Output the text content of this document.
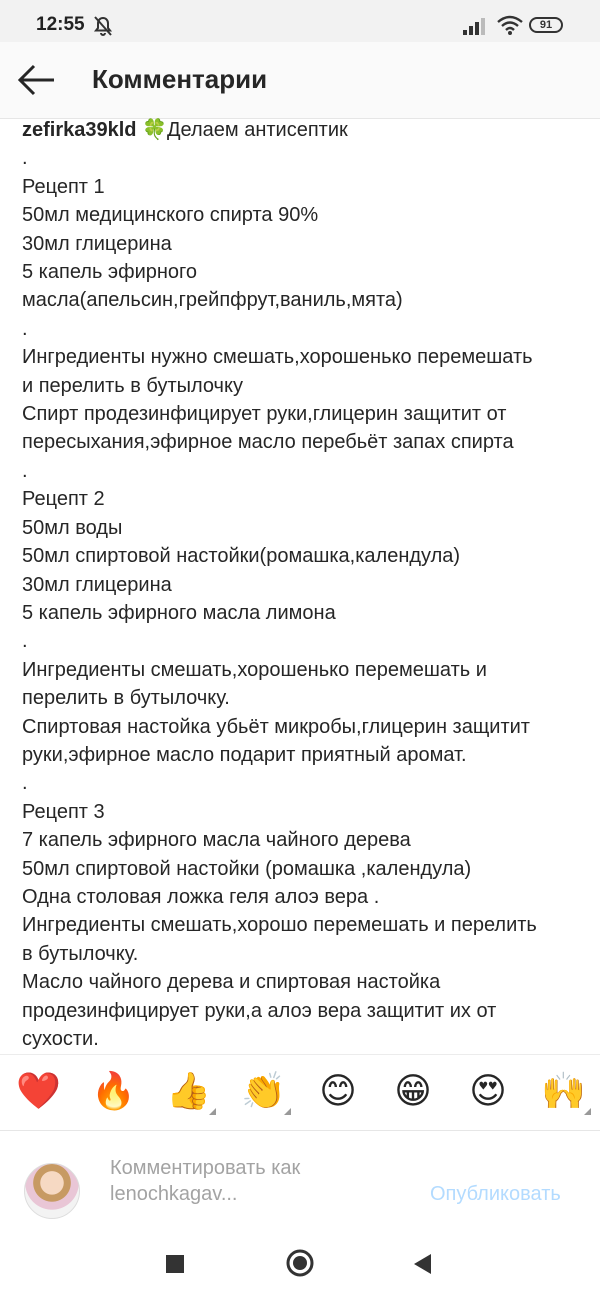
12:55	91
Комментарии
zefirka39kld 🍀Делаем антисептик
.
Рецепт 1
50мл медицинского спирта 90%
30мл глицерина
5 капель эфирного
масла(апельсин,грейпфрут,ваниль,мята)
.
Ингредиенты нужно смешать,хорошенько перемешать
и перелить в бутылочку
Спирт продезинфицирует руки,глицерин защитит от
пересыхания,эфирное масло перебьёт запах спирта
.
Рецепт 2
50мл воды
50мл спиртовой настойки(ромашка,календула)
30мл глицерина
5 капель эфирного масла лимона
.
Ингредиенты смешать,хорошенько перемешать и
перелить в бутылочку.
Спиртовая настойка убьёт микробы,глицерин защитит
руки,эфирное масло подарит приятный аромат.
.
Рецепт 3
7 капель эфирного масла чайного дерева
50мл спиртовой настойки (ромашка ,календула)
Одна столовая ложка геля алоэ вера .
Ингредиенты смешать,хорошо перемешать и перелить
в бутылочку.
Масло чайного дерева и спиртовая настойка
продезинфицирует руки,а алоэ вера защитит их от
сухости.
❤️ 🔥 👍 👏 😊 😁 😍 🙌
Комментировать как
lenochkagav...	Опубликовать
